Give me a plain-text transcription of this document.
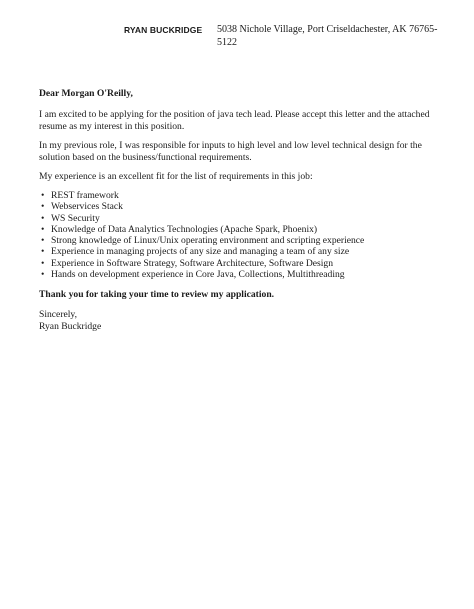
RYAN BUCKRIDGE 5038 Nichole Village, Port Criseldachester, AK 76765-5122

Dear Morgan O'Reilly,

I am excited to be applying for the position of java tech lead. Please accept this letter and the attached resume as my interest in this position.

In my previous role, I was responsible for inputs to high level and low level technical design for the solution based on the business/functional requirements.

My experience is an excellent fit for the list of requirements in this job:

• REST framework
• Webservices Stack
• WS Security
• Knowledge of Data Analytics Technologies (Apache Spark, Phoenix)
• Strong knowledge of Linux/Unix operating environment and scripting experience
• Experience in managing projects of any size and managing a team of any size
• Experience in Software Strategy, Software Architecture, Software Design
• Hands on development experience in Core Java, Collections, Multithreading

Thank you for taking your time to review my application.

Sincerely,

Ryan Buckridge
